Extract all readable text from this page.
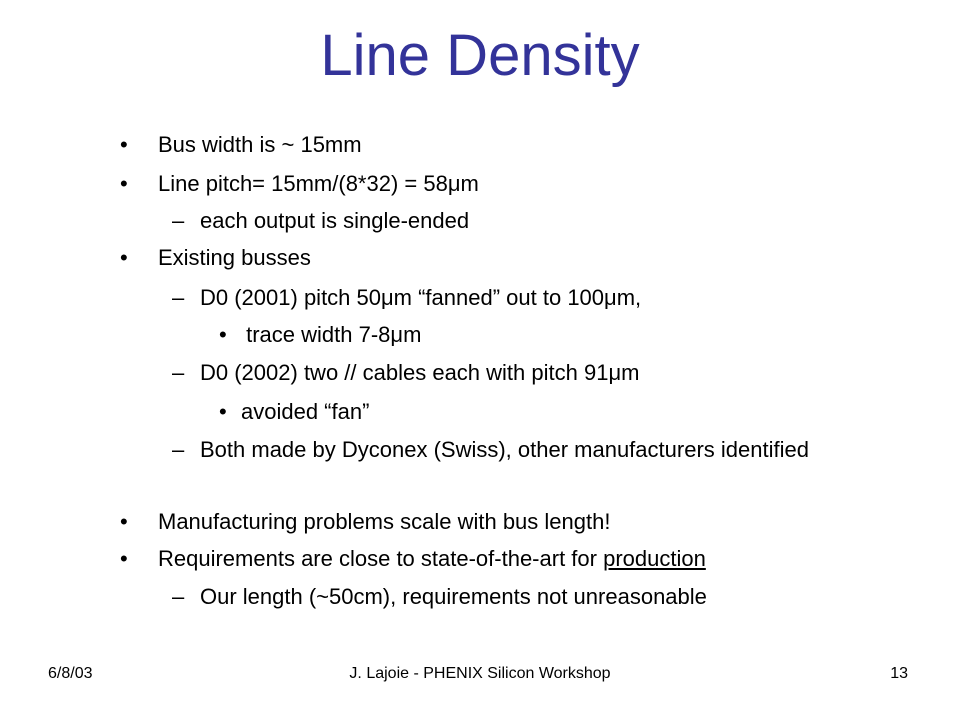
Line Density
• Bus width is ~ 15mm
• Line pitch= 15mm/(8*32) = 58μm
– each output is single-ended
• Existing busses
– D0 (2001) pitch 50μm “fanned” out to 100μm,
• trace width 7-8μm
– D0 (2002) two // cables each with pitch 91μm
• avoided “fan”
– Both made by Dyconex (Swiss), other manufacturers identified
• Manufacturing problems scale with bus length!
• Requirements are close to state-of-the-art for production
– Our length (~50cm), requirements not unreasonable
6/8/03	J. Lajoie - PHENIX Silicon Workshop	13
